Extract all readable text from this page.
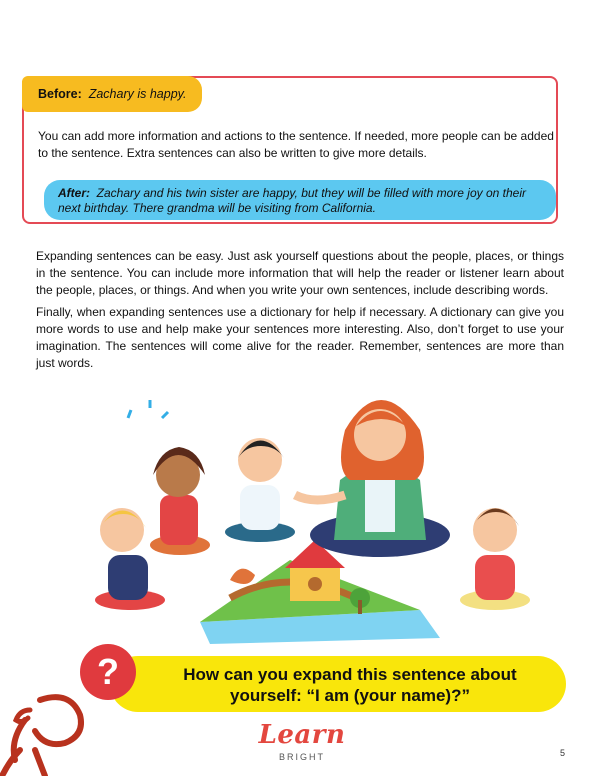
Before: Zachary is happy.
You can add more information and actions to the sentence. If needed, more people can be added to the sentence. Extra sentences can also be written to give more details.
After: Zachary and his twin sister are happy, but they will be filled with more joy on their next birthday. There grandma will be visiting from California.
Expanding sentences can be easy. Just ask yourself questions about the people, places, or things in the sentence. You can include more information that will help the reader or listener learn about the people, places, or things. And when you write your own sentences, include describing words.
Finally, when expanding sentences use a dictionary for help if necessary. A dictionary can give you more words to use and help make your sentences more interesting. Also, don’t forget to use your imagination. The sentences will come alive for the reader. Remember, sentences are more than just words.
?	How can you expand this sentence about
yourself: “I am (your name)?”
Learn
BRIGHT	5
